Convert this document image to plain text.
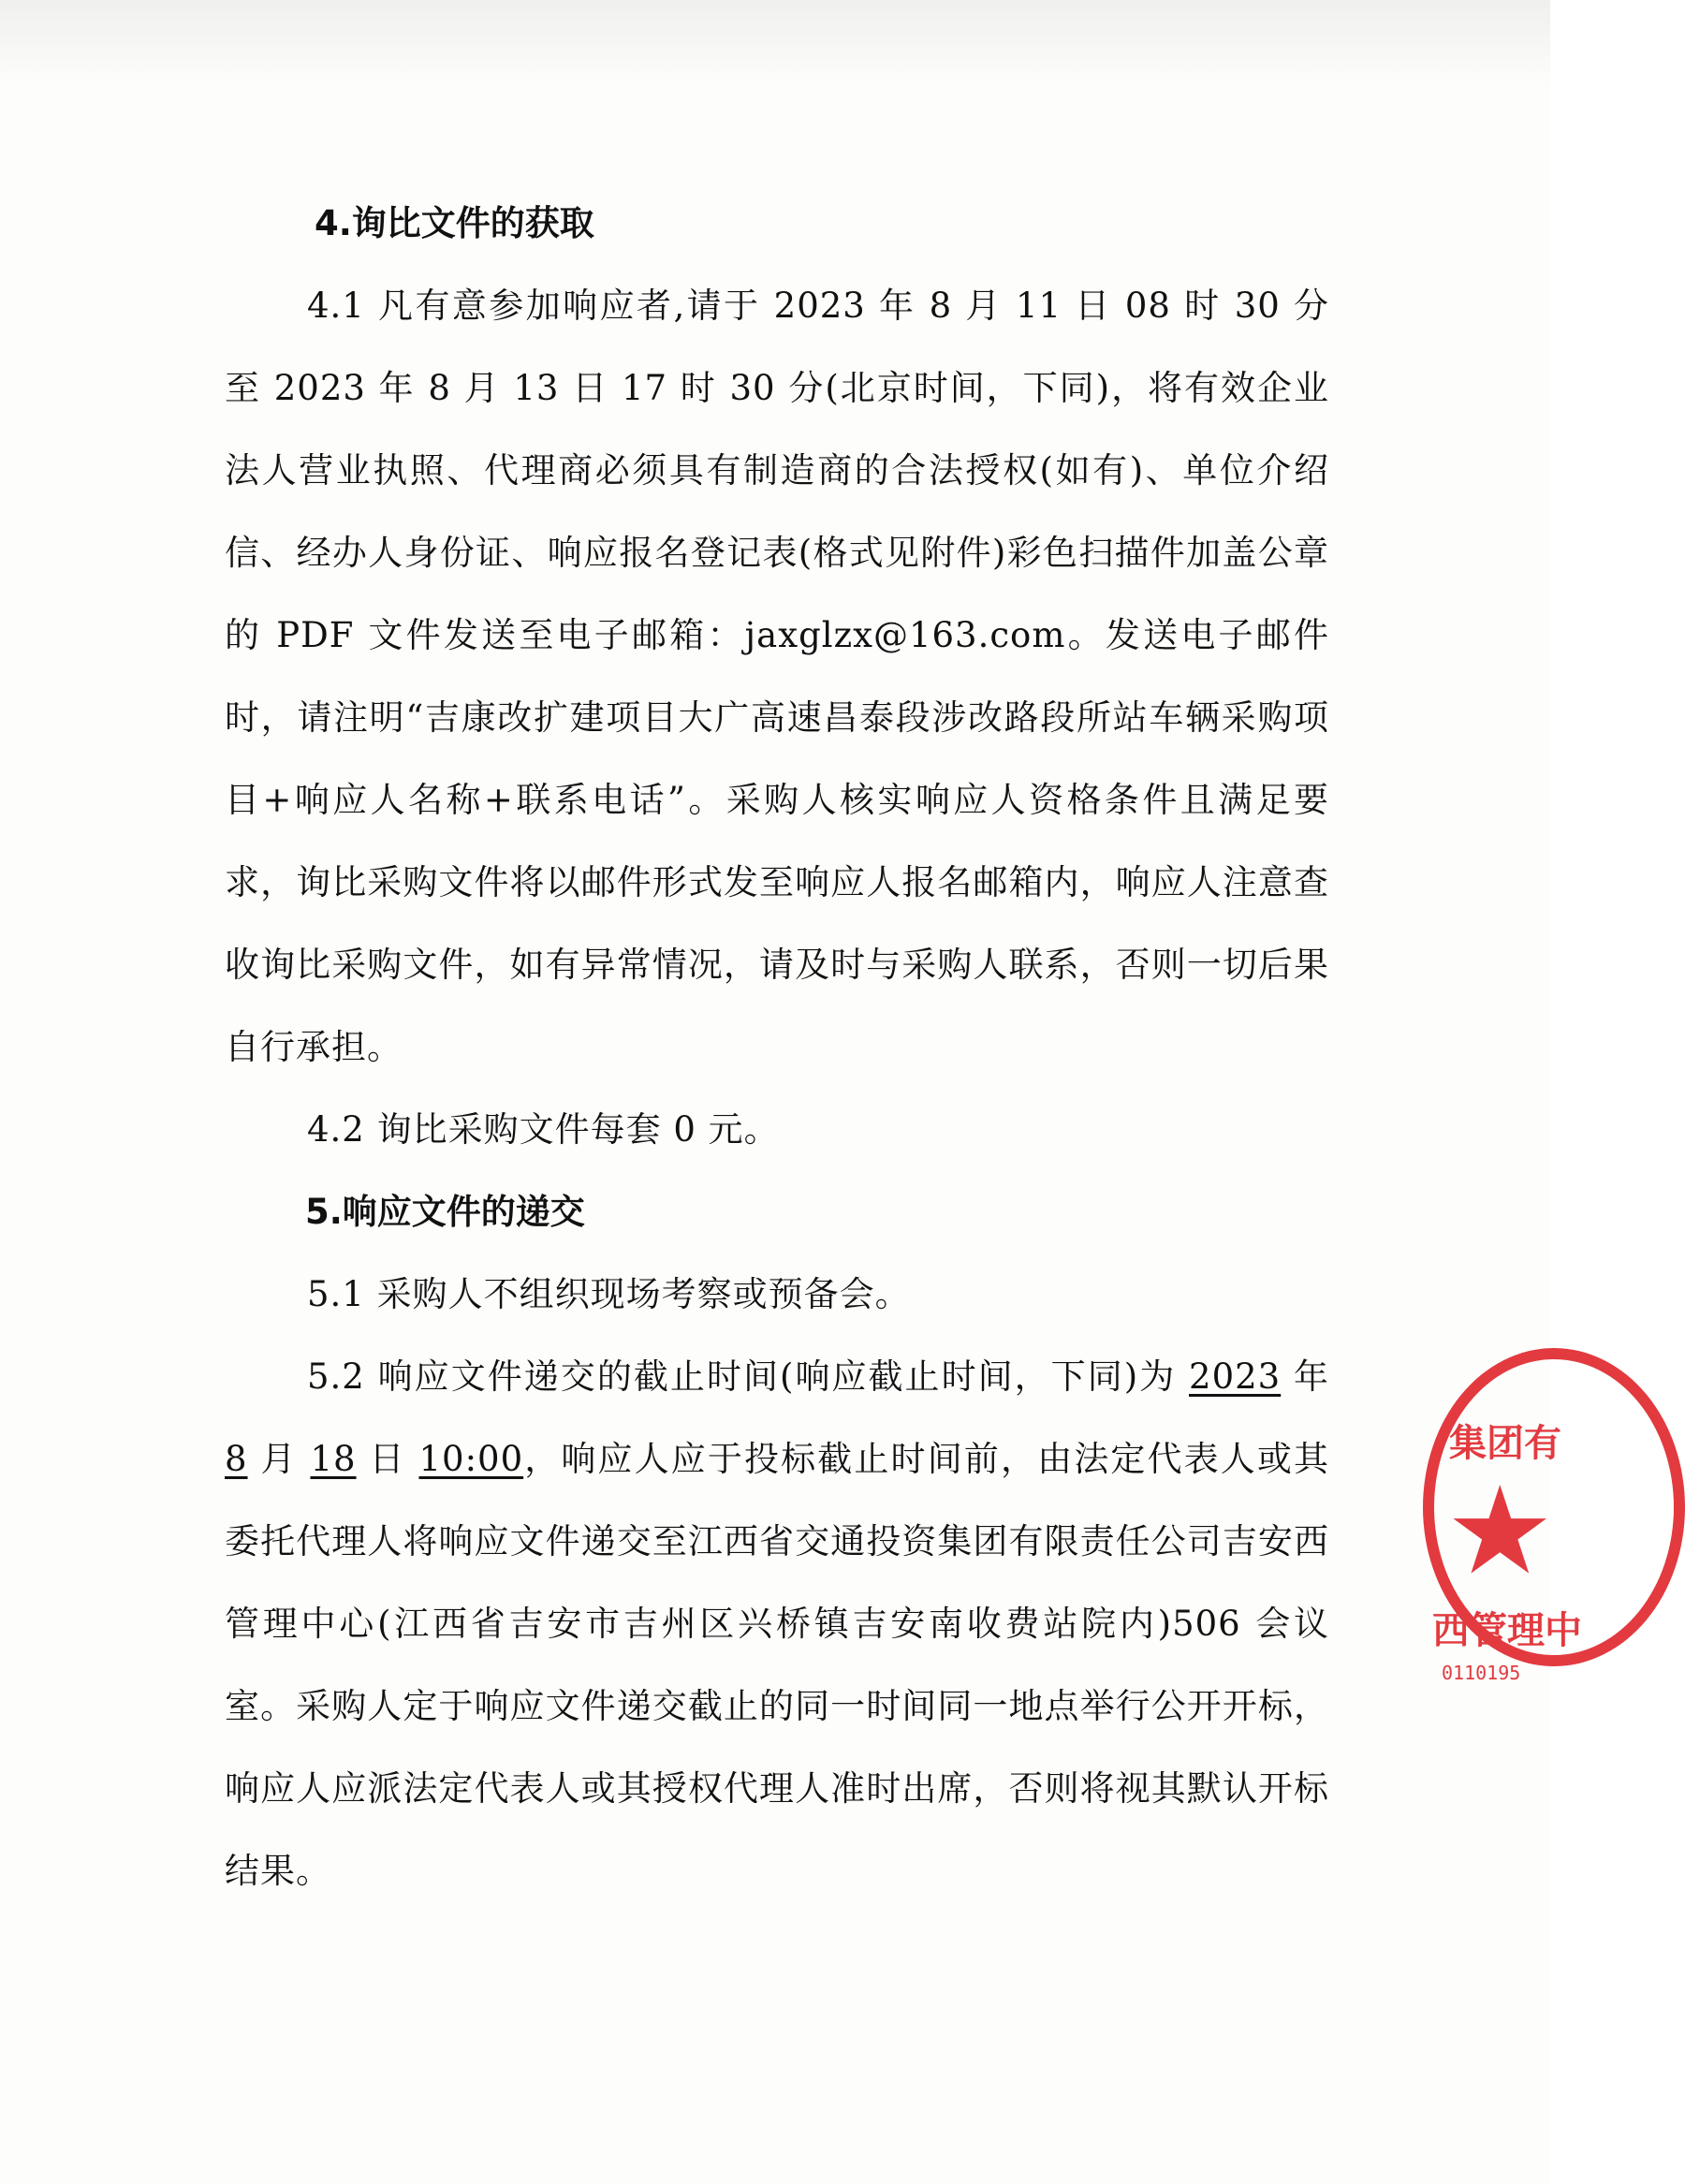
4.询比文件的获取

4.1 凡有意参加响应者,请于 2023 年 8 月 11 日 08 时 30 分至 2023 年 8 月 13 日 17 时 30 分(北京时间，下同)，将有效企业法人营业执照、代理商必须具有制造商的合法授权(如有)、单位介绍信、经办人身份证、响应报名登记表(格式见附件)彩色扫描件加盖公章的 PDF 文件发送至电子邮箱：jaxglzx@163.com。发送电子邮件时，请注明“吉康改扩建项目大广高速昌泰段涉改路段所站车辆采购项目+响应人名称+联系电话”。采购人核实响应人资格条件且满足要求，询比采购文件将以邮件形式发至响应人报名邮箱内，响应人注意查收询比采购文件，如有异常情况，请及时与采购人联系，否则一切后果自行承担。

4.2 询比采购文件每套 0 元。

5.响应文件的递交

5.1 采购人不组织现场考察或预备会。

5.2 响应文件递交的截止时间(响应截止时间，下同)为 2023 年 8 月 18 日 10:00，响应人应于投标截止时间前，由法定代表人或其委托代理人将响应文件递交至江西省交通投资集团有限责任公司吉安西管理中心(江西省吉安市吉州区兴桥镇吉安南收费站院内)506 会议室。采购人定于响应文件递交截止的同一时间同一地点举行公开开标，响应人应派法定代表人或其授权代理人准时出席，否则将视其默认开标结果。

集团有
★
西管理中
0110195
